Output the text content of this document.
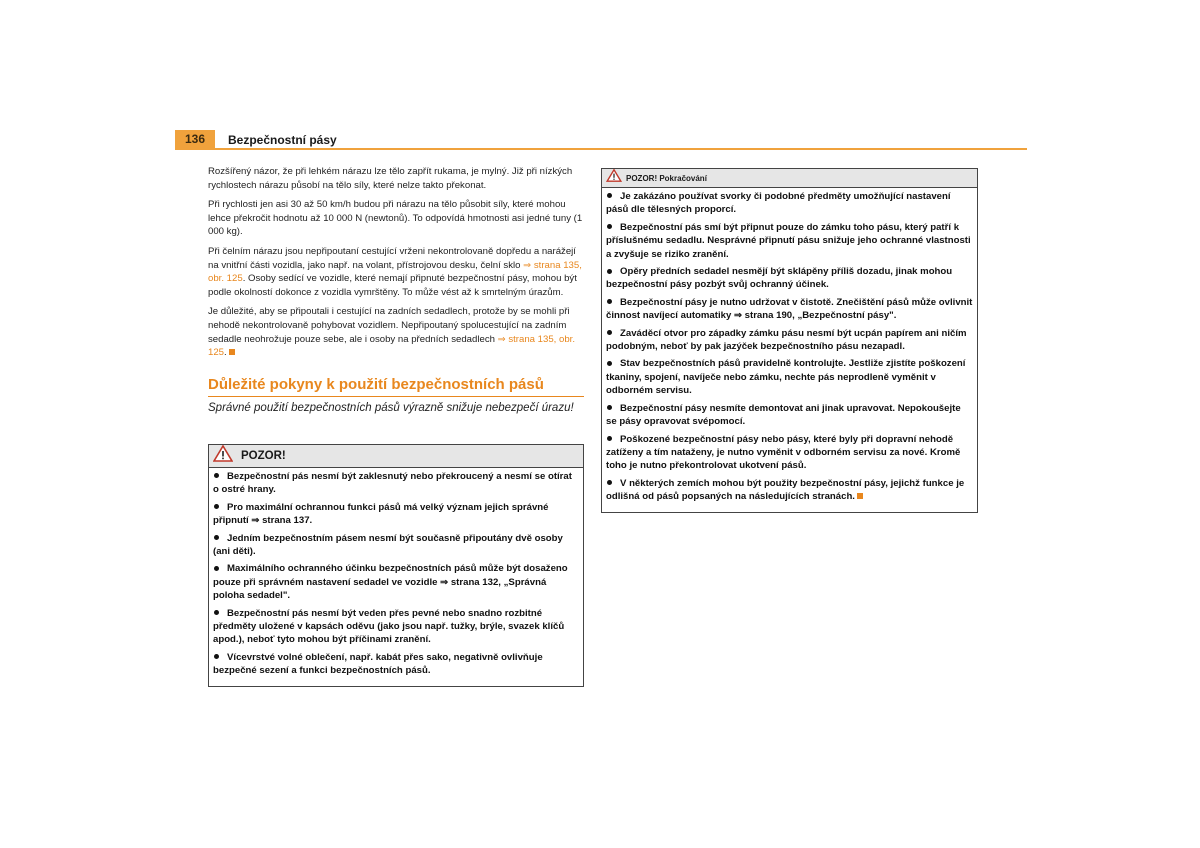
136	Bezpečnostní pásy

Rozšířený názor, že při lehkém nárazu lze tělo zapřít rukama, je mylný. Již při nízkých rychlostech nárazu působí na tělo síly, které nelze takto překonat.

Při rychlosti jen asi 30 až 50 km/h budou při nárazu na tělo působit síly, které mohou lehce překročit hodnotu až 10 000 N (newtonů). To odpovídá hmotnosti asi jedné tuny (1 000 kg).

Při čelním nárazu jsou nepřipoutaní cestující vrženi nekontrolovaně dopředu a narážejí na vnitřní části vozidla, jako např. na volant, přístrojovou desku, čelní sklo ⇒ strana 135, obr. 125. Osoby sedící ve vozidle, které nemají připnuté bezpečnostní pásy, mohou být podle okolností dokonce z vozidla vymrštěny. To může vést až k smrtelným úrazům.

Je důležité, aby se připoutali i cestující na zadních sedadlech, protože by se mohli při nehodě nekontrolovaně pohybovat vozidlem. Nepřipoutaný spolucestující na zadním sedadle neohrožuje pouze sebe, ale i osoby na předních sedadlech ⇒ strana 135, obr. 125.

Důležité pokyny k použití bezpečnostních pásů
Správné použití bezpečnostních pásů výrazně snižuje nebezpečí úrazu!
POZOR!
Bezpečnostní pás nesmí být zaklesnutý nebo překroucený a nesmí se otírat o ostré hrany.
Pro maximální ochrannou funkci pásů má velký význam jejich správné připnutí ⇒ strana 137.
Jedním bezpečnostním pásem nesmí být současně připoutány dvě osoby (ani děti).
Maximálního ochranného účinku bezpečnostních pásů může být dosaženo pouze při správném nastavení sedadel ve vozidle ⇒ strana 132, „Správná poloha sedadel".
Bezpečnostní pás nesmí být veden přes pevné nebo snadno rozbitné předměty uložené v kapsách oděvu (jako jsou např. tužky, brýle, svazek klíčů apod.), neboť tyto mohou být příčinami zranění.
Vícevrstvé volné oblečení, např. kabát přes sako, negativně ovlivňuje bezpečné sezení a funkci bezpečnostních pásů.
POZOR! Pokračování
Je zakázáno používat svorky či podobné předměty umožňující nastavení pásů dle tělesných proporcí.
Bezpečnostní pás smí být připnut pouze do zámku toho pásu, který patří k příslušnému sedadlu. Nesprávné připnutí pásu snižuje jeho ochranné vlastnosti a zvyšuje se riziko zranění.
Opěry předních sedadel nesmějí být sklápěny příliš dozadu, jinak mohou bezpečnostní pásy pozbýt svůj ochranný účinek.
Bezpečnostní pásy je nutno udržovat v čistotě. Znečištění pásů může ovlivnit činnost navíjecí automatiky ⇒ strana 190, „Bezpečnostní pásy".
Zaváděcí otvor pro západky zámku pásu nesmí být ucpán papírem ani ničím podobným, neboť by pak jazýček bezpečnostního pásu nezapadl.
Stav bezpečnostních pásů pravidelně kontrolujte. Jestliže zjistíte poškození tkaniny, spojení, navíječe nebo zámku, nechte pás neprodleně vyměnit v odborném servisu.
Bezpečnostní pásy nesmíte demontovat ani jinak upravovat. Nepokoušejte se pásy opravovat svépomocí.
Poškozené bezpečnostní pásy nebo pásy, které byly při dopravní nehodě zatíženy a tím nataženy, je nutno vyměnit v odborném servisu za nové. Kromě toho je nutno překontrolovat ukotvení pásů.
V některých zemích mohou být použity bezpečnostní pásy, jejichž funkce je odlišná od pásů popsaných na následujících stranách.
